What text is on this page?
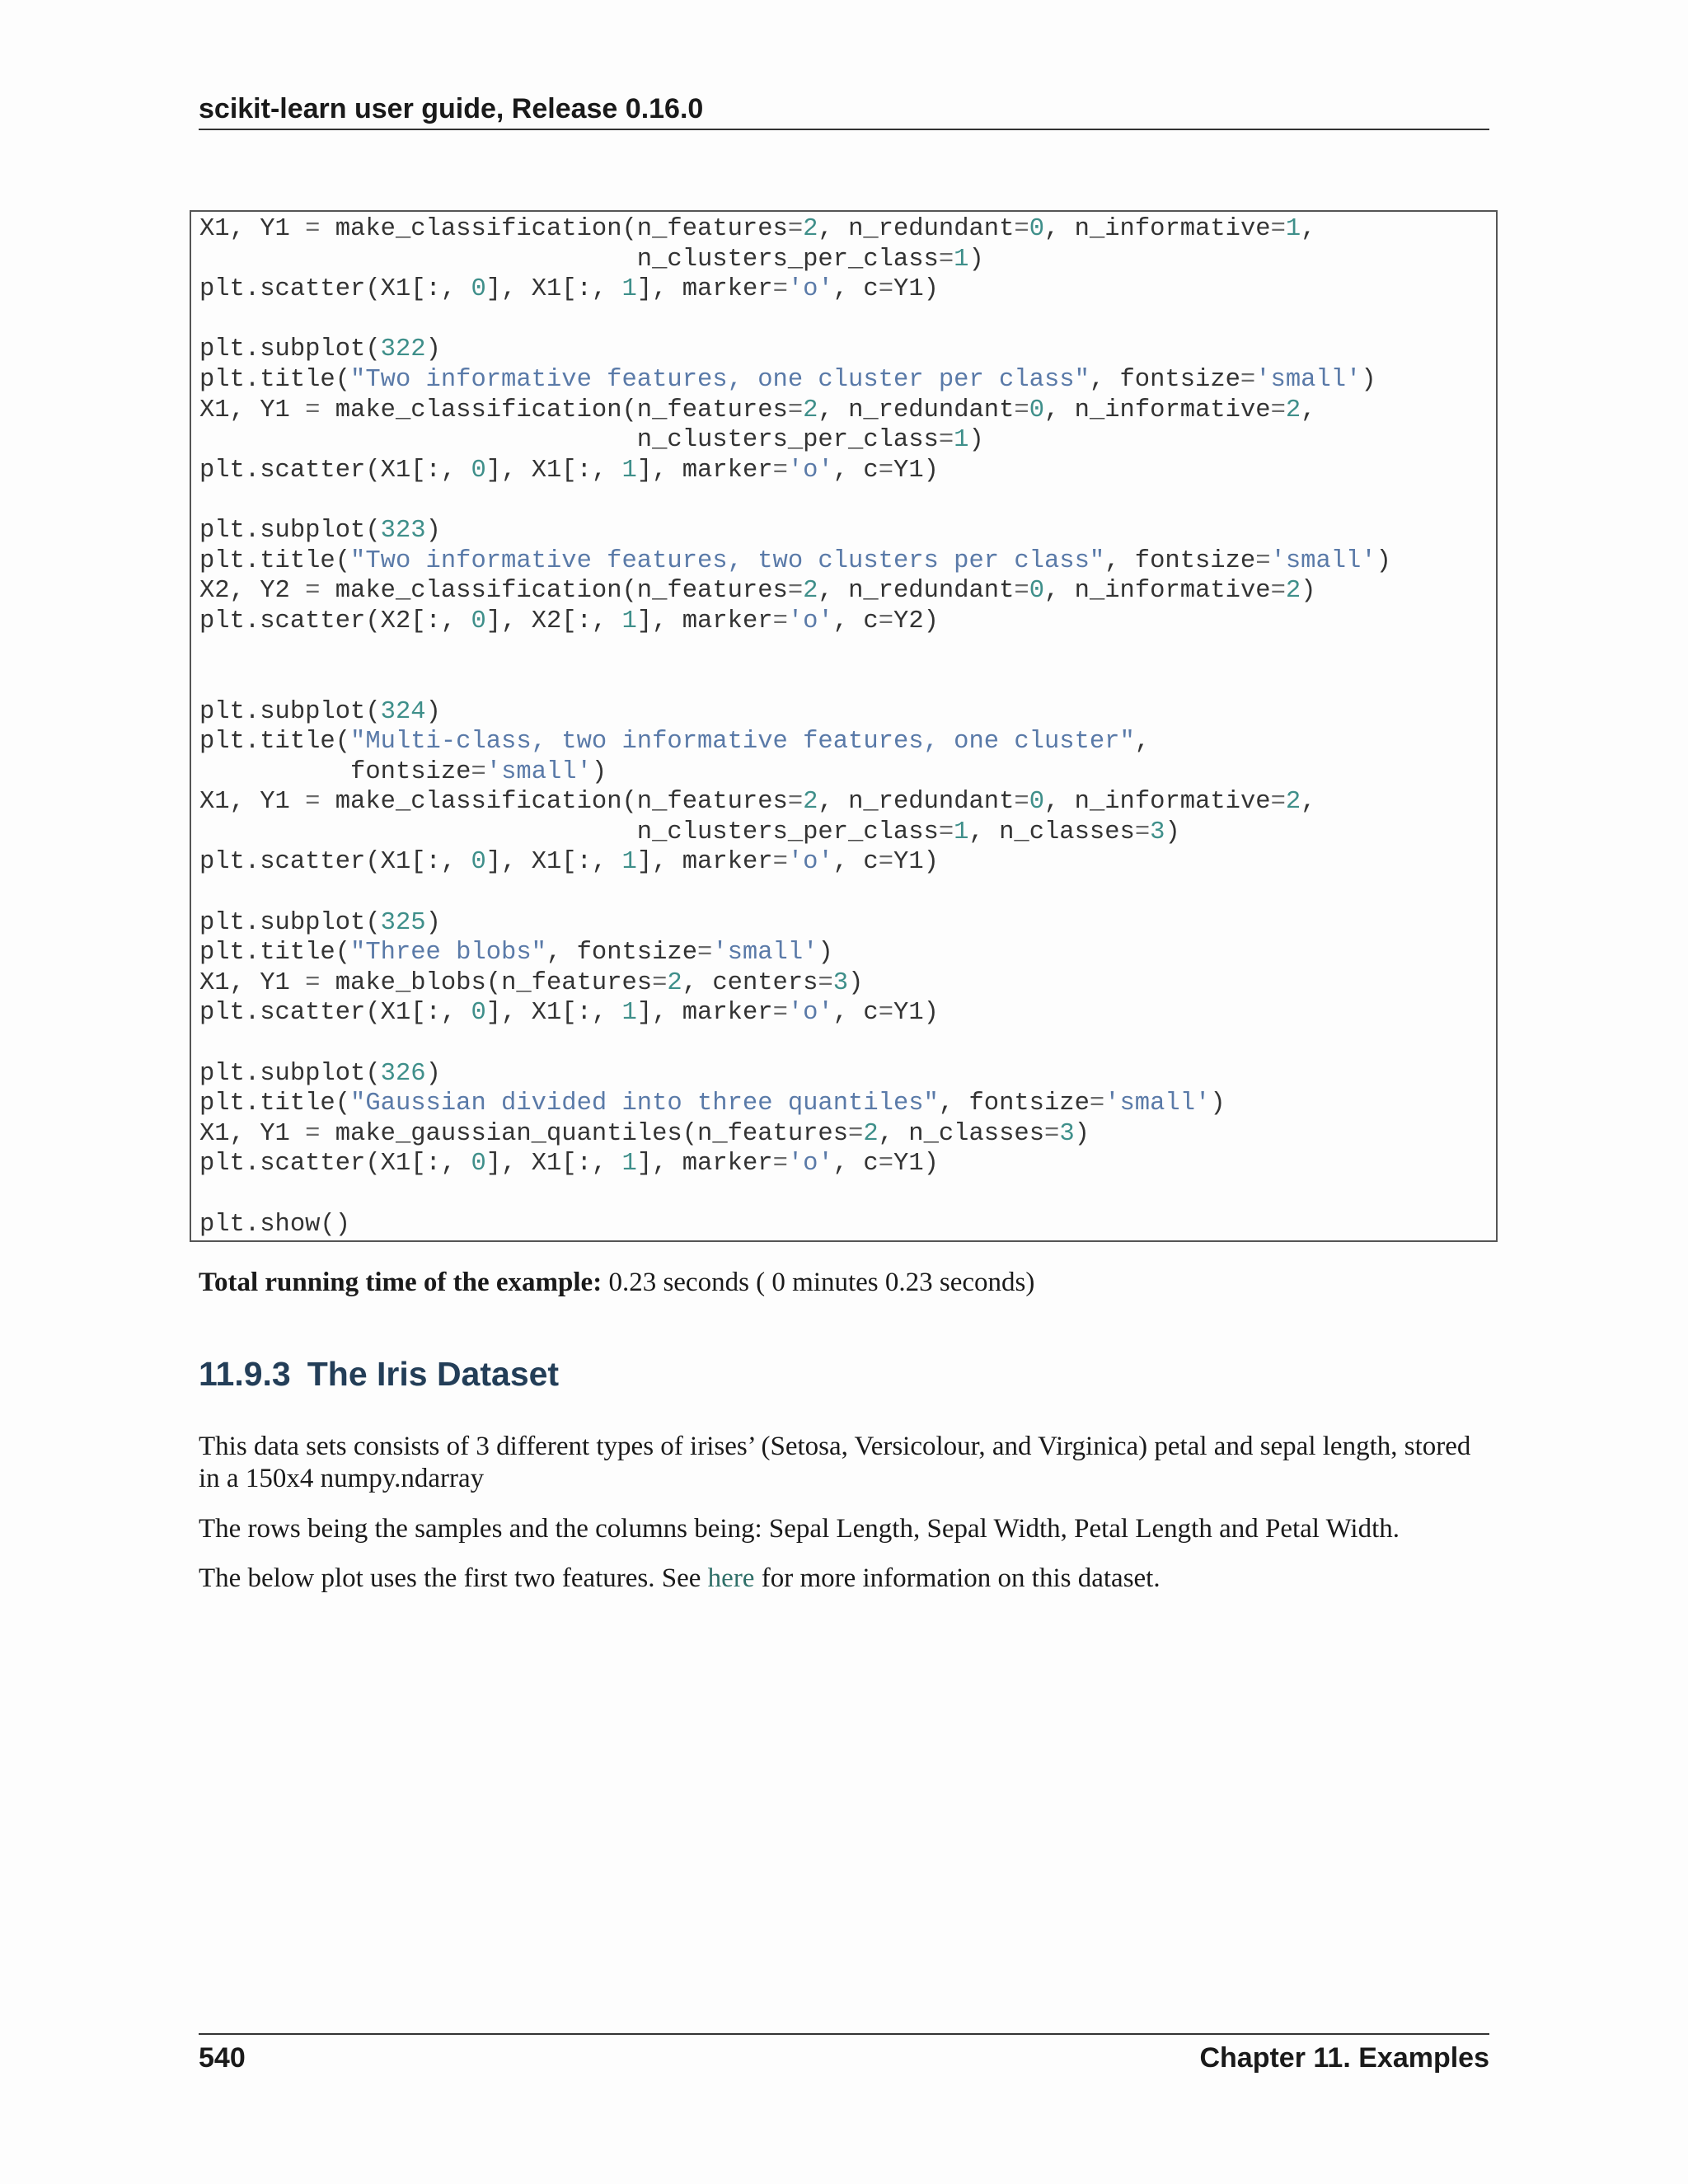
scikit-learn user guide, Release 0.16.0
X1, Y1 = make_classification(n_features=2, n_redundant=0, n_informative=1,
n_clusters_per_class=1)
plt.scatter(X1[:, 0], X1[:, 1], marker='o', c=Y1)

plt.subplot(322)
plt.title("Two informative features, one cluster per class", fontsize='small')
X1, Y1 = make_classification(n_features=2, n_redundant=0, n_informative=2,
n_clusters_per_class=1)
plt.scatter(X1[:, 0], X1[:, 1], marker='o', c=Y1)

plt.subplot(323)
plt.title("Two informative features, two clusters per class", fontsize='small')
X2, Y2 = make_classification(n_features=2, n_redundant=0, n_informative=2)
plt.scatter(X2[:, 0], X2[:, 1], marker='o', c=Y2)

plt.subplot(324)
plt.title("Multi-class, two informative features, one cluster",
fontsize='small')
X1, Y1 = make_classification(n_features=2, n_redundant=0, n_informative=2,
n_clusters_per_class=1, n_classes=3)
plt.scatter(X1[:, 0], X1[:, 1], marker='o', c=Y1)

plt.subplot(325)
plt.title("Three blobs", fontsize='small')
X1, Y1 = make_blobs(n_features=2, centers=3)
plt.scatter(X1[:, 0], X1[:, 1], marker='o', c=Y1)

plt.subplot(326)
plt.title("Gaussian divided into three quantiles", fontsize='small')
X1, Y1 = make_gaussian_quantiles(n_features=2, n_classes=3)
plt.scatter(X1[:, 0], X1[:, 1], marker='o', c=Y1)

plt.show()
Total running time of the example: 0.23 seconds ( 0 minutes 0.23 seconds)
11.9.3 The Iris Dataset
This data sets consists of 3 different types of irises’ (Setosa, Versicolour, and Virginica) petal and sepal length, stored in a 150x4 numpy.ndarray
The rows being the samples and the columns being: Sepal Length, Sepal Width, Petal Length and Petal Width.
The below plot uses the first two features. See here for more information on this dataset.
540	Chapter 11. Examples
